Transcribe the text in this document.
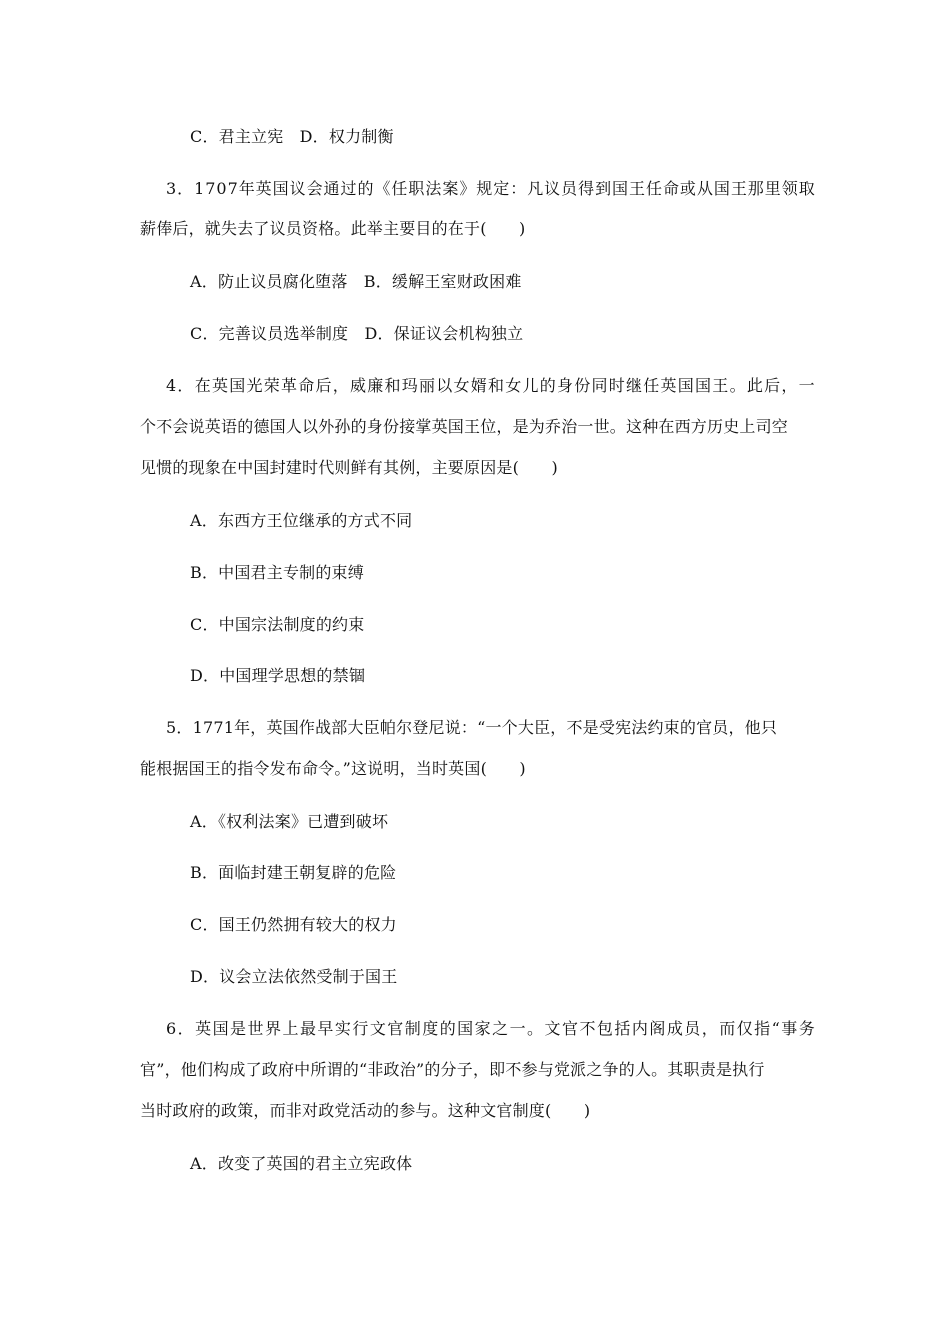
C．君主立宪　D．权力制衡
3．1707年英国议会通过的《任职法案》规定：凡议员得到国王任命或从国王那里领取
薪俸后，就失去了议员资格。此举主要目的在于(　　)
A．防止议员腐化堕落　B．缓解王室财政困难
C．完善议员选举制度　D．保证议会机构独立
4．在英国光荣革命后，威廉和玛丽以女婿和女儿的身份同时继任英国国王。此后，一
个不会说英语的德国人以外孙的身份接掌英国王位，是为乔治一世。这种在西方历史上司空
见惯的现象在中国封建时代则鲜有其例，主要原因是(　　)
A．东西方王位继承的方式不同
B．中国君主专制的束缚
C．中国宗法制度的约束
D．中国理学思想的禁锢
5．1771年，英国作战部大臣帕尔登尼说：“一个大臣，不是受宪法约束的官员，他只
能根据国王的指令发布命令。”这说明，当时英国(　　)
A．《权利法案》已遭到破坏
B．面临封建王朝复辟的危险
C．国王仍然拥有较大的权力
D．议会立法依然受制于国王
6．英国是世界上最早实行文官制度的国家之一。文官不包括内阁成员，而仅指“事务
官”，他们构成了政府中所谓的“非政治”的分子，即不参与党派之争的人。其职责是执行
当时政府的政策，而非对政党活动的参与。这种文官制度(　　)
A．改变了英国的君主立宪政体
